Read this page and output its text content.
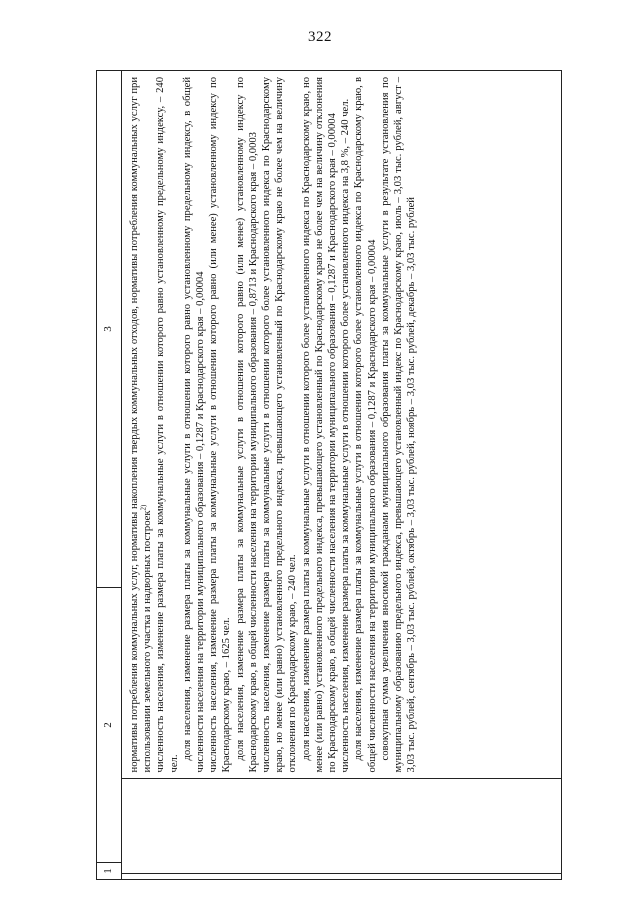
322
1
2
3	нормативы потребления коммунальных услуг, нормативы накопления твердых коммунальных отходов, нормативы потребления коммунальных услуг при использовании земельного участка и надворных построек$^{2)}$ численность населения, изменение размера платы за коммунальные услуги в отношении которого равно установленному предельному индексу, – 240 чел.

доля населения, изменение размера платы за коммунальные услуги в отношении которого равно установленному предельному индексу, в общей численности населения на территории муниципального образования – 0,1287 и Краснодарского края – 0,00004 численность населения, изменение размера платы за коммунальные услуги в отношении которого равно (или менее) установленному индексу по Краснодарскому краю, – 1625 чел. доля населения, изменение размера платы за коммунальные услуги в отношении которого равно (или менее) установленному индексу по Краснодарскому краю, в общей численности населения на территории муниципального образования – 0,8713 и Краснодарского края – 0,0003 численность населения, изменение размера платы за коммунальные услуги в отношении которого более установленного индекса по Краснодарскому краю, но менее (или равно) установленного предельного индекса, превышающего установленный по Краснодарскому краю не более чем на величину отклонения по Краснодарскому краю, – 240 чел. доля населения, изменение размера платы за коммунальные услуги в отношении которого более установленного индекса по Краснодарскому краю, но менее (или равно) установленного предельного индекса, превышающего установленный по Краснодарскому краю не более чем на величину отклонения по Краснодарскому краю, в общей численности населения на территории муниципального образования – 0,1287 и Краснодарского края – 0,00004 численность населения, изменение размера платы за коммунальные услуги в отношении которого более установленного индекса на 3,8 %, – 240 чел. доля населения, изменение размера платы за коммунальные услуги в отношении которого более установленного индекса по Краснодарскому краю, в общей численности населения на территории муниципального образования – 0,1287 и Краснодарского края – 0,00004 совокупная сумма увеличения вносимой гражданами муниципального образования платы за коммунальные услуги в результате установления по муниципальному образованию предельного индекса, превышающего установленный индекс по Краснодарскому краю, июль – 3,03 тыс. рублей, август – 3,03 тыс. рублей, сентябрь – 3,03 тыс. рублей, октябрь – 3,03 тыс. рублей, ноябрь – 3,03 тыс. рублей, декабрь – 3,03 тыс. рублей
